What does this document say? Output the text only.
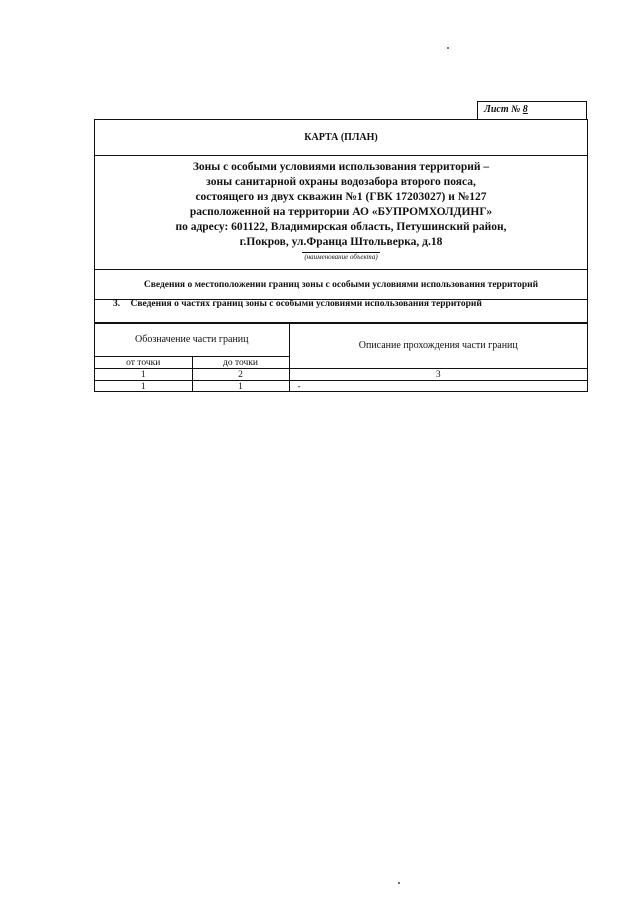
Лист № 8
КАРТА (ПЛАН)
Зоны с особыми условиями использования территорий –
зоны санитарной охраны водозабора второго пояса,
состоящего из двух скважин №1 (ГВК 17203027) и №127
расположенной на территории АО «БУПРОМХОЛДИНГ»
по адресу: 601122, Владимирская область, Петушинский район,
г.Покров, ул.Франца Штольверка, д.18
(наименование объекта)
Сведения о местоположении границ зоны с особыми условиями использования территорий
3. Сведения о частях границ зоны с особыми условиями использования территорий
Обозначение части границ		Описание прохождения части границ
от точки	до точки	
1	2	3
1	1	-
